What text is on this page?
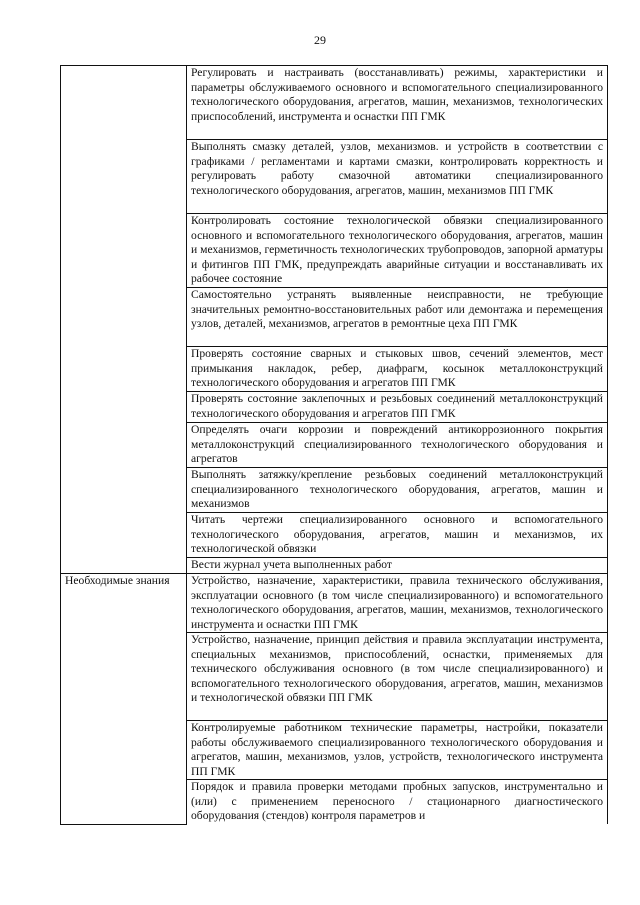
29
	Регулировать и настраивать (восстанавливать) режимы, характеристики и параметры обслуживаемого основного и вспомогательного специализированного технологического оборудования, агрегатов, машин, механизмов, технологических приспособлений, инструмента и оснастки ПП ГМК
	Выполнять смазку деталей, узлов, механизмов. и устройств в соответствии с графиками / регламентами и картами смазки, контролировать корректность и регулировать работу смазочной автоматики специализированного технологического оборудования, агрегатов, машин, механизмов ПП ГМК
	Контролировать состояние технологической обвязки специализированного основного и вспомогательного технологического оборудования, агрегатов, машин и механизмов, герметичность технологических трубопроводов, запорной арматуры и фитингов ПП ГМК, предупреждать аварийные ситуации и восстанавливать их рабочее состояние
	Самостоятельно устранять выявленные неисправности, не требующие значительных ремонтно-восстановительных работ или демонтажа и перемещения узлов, деталей, механизмов, агрегатов в ремонтные цеха ПП ГМК
	Проверять состояние сварных и стыковых швов, сечений элементов, мест примыкания накладок, ребер, диафрагм, косынок металлоконструкций технологического оборудования и агрегатов ПП ГМК
	Проверять состояние заклепочных и резьбовых соединений металлоконструкций технологического оборудования и агрегатов ПП ГМК
	Определять очаги коррозии и повреждений антикоррозионного покрытия металлоконструкций специализированного технологического оборудования и агрегатов
	Выполнять затяжку/крепление резьбовых соединений металлоконструкций специализированного технологического оборудования, агрегатов, машин и механизмов
	Читать чертежи специализированного основного и вспомогательного технологического оборудования, агрегатов, машин и механизмов, их технологической обвязки
	Вести журнал учета выполненных работ
Необходимые знания	Устройство, назначение, характеристики, правила технического обслуживания, эксплуатации основного (в том числе специализированного) и вспомогательного технологического оборудования, агрегатов, машин, механизмов, технологического инструмента и оснастки ПП ГМК
	Устройство, назначение, принцип действия и правила эксплуатации инструмента, специальных механизмов, приспособлений, оснастки, применяемых для технического обслуживания основного (в том числе специализированного) и вспомогательного технологического оборудования, агрегатов, машин, механизмов и технологической обвязки ПП ГМК
	Контролируемые работником технические параметры, настройки, показатели работы обслуживаемого специализированного технологического оборудования и агрегатов, машин, механизмов, узлов, устройств, технологического инструмента ПП ГМК
	Порядок и правила проверки методами пробных запусков, инструментально и (или) с применением переносного / стационарного диагностического оборудования (стендов) контроля параметров и
